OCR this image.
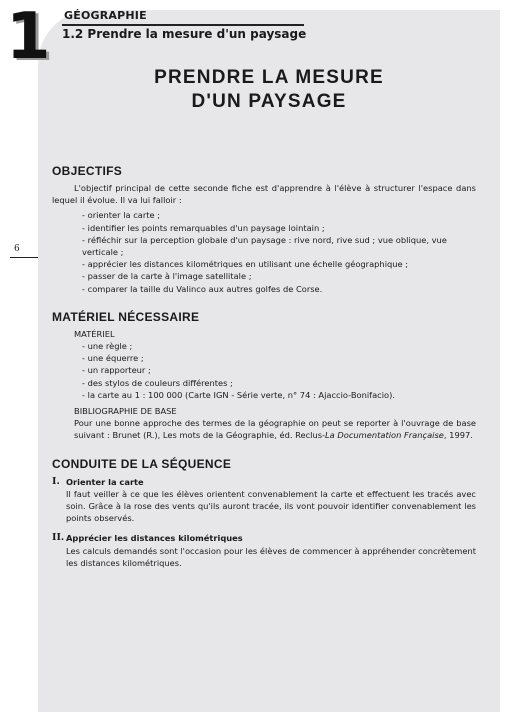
1 GÉOGRAPHIE
1.2 Prendre la mesure d'un paysage
6
PRENDRE LA MESURE
D'UN PAYSAGE
OBJECTIFS

L'objectif principal de cette seconde fiche est d'apprendre à l'élève à structurer l'espace dans lequel il évolue. Il va lui falloir :

- orienter la carte ;
- identifier les points remarquables d'un paysage lointain ;
- réfléchir sur la perception globale d'un paysage : rive nord, rive sud ; vue oblique, vue verticale ;
- apprécier les distances kilométriques en utilisant une échelle géographique ;
- passer de la carte à l'image satellitale ;
- comparer la taille du Valinco aux autres golfes de Corse.
MATÉRIEL NÉCESSAIRE
MATÉRIEL
- une règle ;
- une équerre ;
- un rapporteur ;
- des stylos de couleurs différentes ;
- la carte au 1 : 100 000 (Carte IGN - Série verte, n° 74 : Ajaccio-Bonifacio).
BIBLIOGRAPHIE DE BASE

Pour une bonne approche des termes de la géographie on peut se reporter à l'ouvrage de base suivant : Brunet (R.), Les mots de la Géographie, éd. Reclus-La Documentation Française, 1997.

CONDUITE DE LA SÉQUENCE
I. Orienter la carte
Il faut veiller à ce que les élèves orientent convenablement la carte et effectuent les tracés avec soin. Grâce à la rose des vents qu'ils auront tracée, ils vont pouvoir identifier convenablement les points observés.
II. Apprécier les distances kilométriques
Les calculs demandés sont l'occasion pour les élèves de commencer à appréhender concrètement les distances kilométriques.
